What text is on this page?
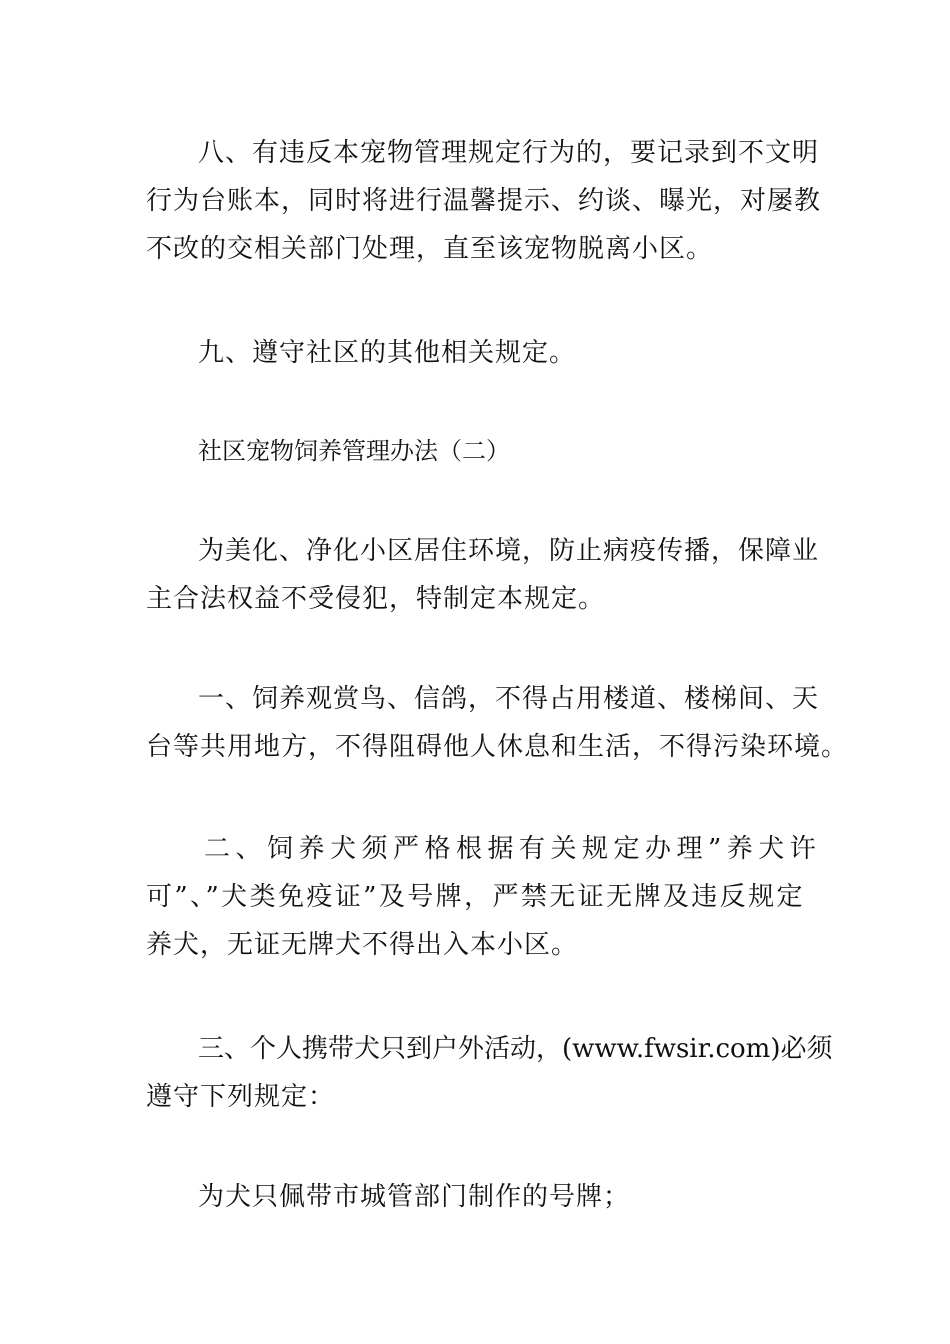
八、有违反本宠物管理规定行为的，要记录到不文明
行为台账本，同时将进行温馨提示、约谈、曝光，对屡教
不改的交相关部门处理，直至该宠物脱离小区。
九、遵守社区的其他相关规定。
社区宠物饲养管理办法（二）
为美化、净化小区居住环境，防止病疫传播，保障业
主合法权益不受侵犯，特制定本规定。
一、饲养观赏鸟、信鸽，不得占用楼道、楼梯间、天
台等共用地方，不得阻碍他人休息和生活，不得污染环境。
二、饲养犬须严格根据有关规定办理”养犬许
可”、”犬类免疫证”及号牌，严禁无证无牌及违反规定
养犬，无证无牌犬不得出入本小区。
三、个人携带犬只到户外活动，(www.fwsir.com)必须
遵守下列规定：
为犬只佩带市城管部门制作的号牌；
